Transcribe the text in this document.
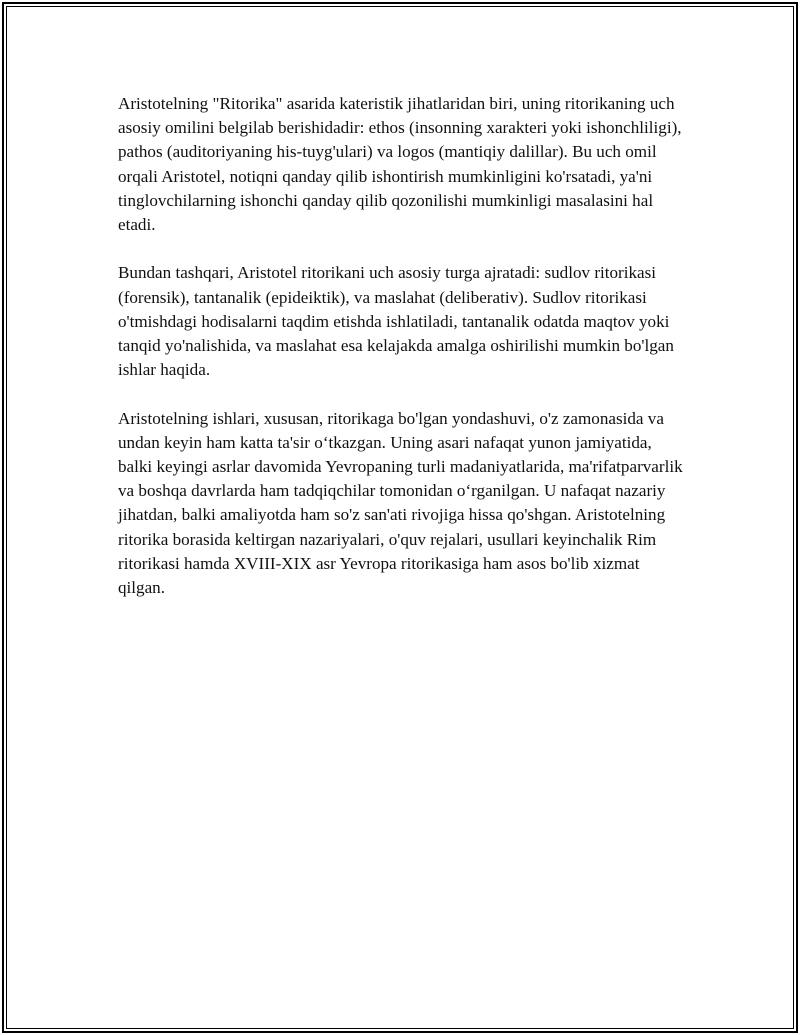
Aristotelning "Ritorika" asarida kateristik jihatlaridan biri, uning ritorikaning uch asosiy omilini belgilab berishidadir: ethos (insonning xarakteri yoki ishonchliligi), pathos (auditoriyaning his-tuyg'ulari) va logos (mantiqiy dalillar). Bu uch omil orqali Aristotel, notiqni qanday qilib ishontirish mumkinligini ko'rsatadi, ya'ni tinglovchilarning ishonchi qanday qilib qozonilishi mumkinligi masalasini hal etadi.

Bundan tashqari, Aristotel ritorikani uch asosiy turga ajratadi: sudlov ritorikasi (forensik), tantanalik (epideiktik), va maslahat (deliberativ). Sudlov ritorikasi o'tmishdagi hodisalarni taqdim etishda ishlatiladi, tantanalik odatda maqtov yoki tanqid yo'nalishida, va maslahat esa kelajakda amalga oshirilishi mumkin bo'lgan ishlar haqida.

Aristotelning ishlari, xususan, ritorikaga bo'lgan yondashuvi, o'z zamonasida va undan keyin ham katta ta'sir o‘tkazgan. Uning asari nafaqat yunon jamiyatida, balki keyingi asrlar davomida Yevropaning turli madaniyatlarida, ma'rifatparvarlik va boshqa davrlarda ham tadqiqchilar tomonidan o‘rganilgan. U nafaqat nazariy jihatdan, balki amaliyotda ham so'z san'ati rivojiga hissa qo'shgan. Aristotelning ritorika borasida keltirgan nazariyalari, o'quv rejalari, usullari keyinchalik Rim ritorikasi hamda XVIII-XIX asr Yevropa ritorikasiga ham asos bo'lib xizmat qilgan.
